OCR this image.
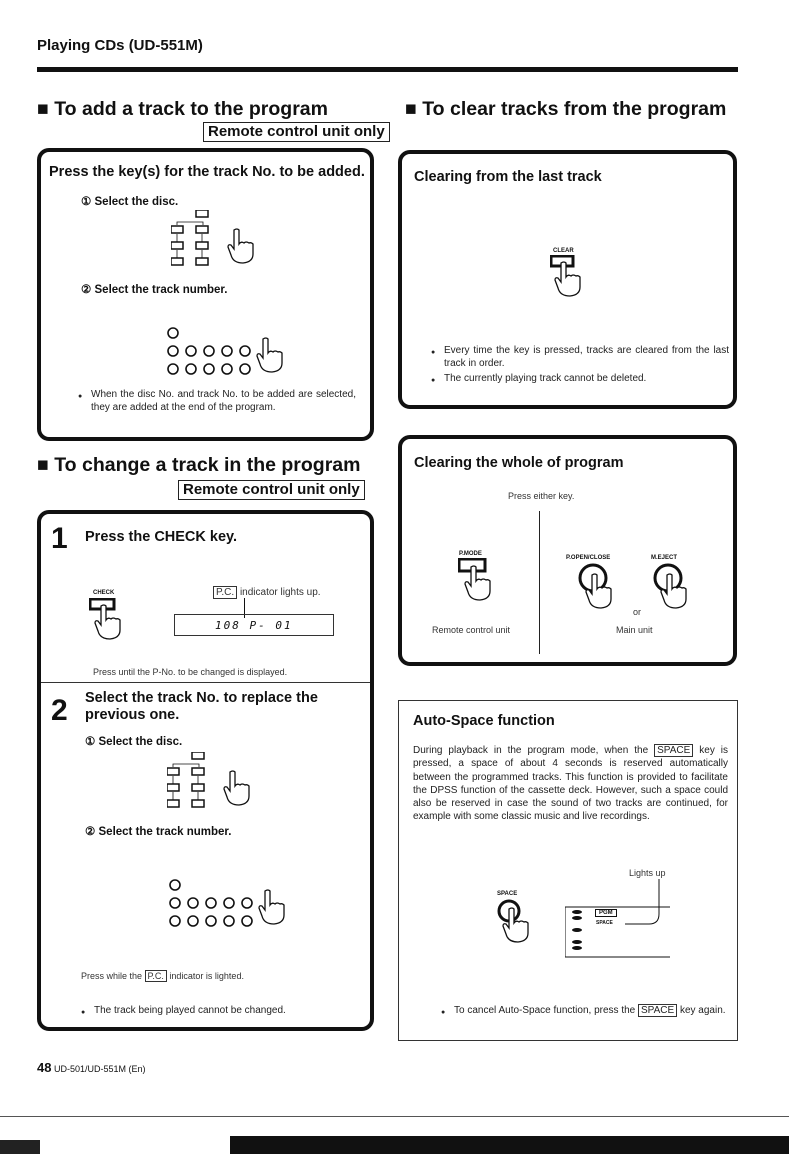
Playing CDs (UD-551M)
■ To add a track to the program
Remote control unit only
Press the key(s) for the track No. to be added.
① Select the disc.
② Select the track number.
● When the disc No. and track No. to be added are selected, they are added at the end of the program.
■ To change a track in the program
Remote control unit only
1 Press the CHECK key.
CHECK	P.C. indicator lights up.
108 P- 01
Press until the P-No. to be changed is displayed.
2 Select the track No. to replace the previous one.
① Select the disc.
② Select the track number.
Press while the P.C. indicator is lighted.
● The track being played cannot be changed.
■ To clear tracks from the program
Clearing from the last track
CLEAR
● Every time the key is pressed, tracks are cleared from the last track in order.
● The currently playing track cannot be deleted.
Clearing the whole of program
Press either key.
P.MODE
Remote control unit
P.OPEN/CLOSE	M.EJECT
or
Main unit
Auto-Space function
During playback in the program mode, when the SPACE key is pressed, a space of about 4 seconds is reserved automatically between the programmed tracks. This function is provided to facilitate the DPSS function of the cassette deck. However, such a space could also be reserved in case the sound of two tracks are continued, for example with some classic music and live recordings.
Lights up
SPACE
PGM
SPACE
● To cancel Auto-Space function, press the SPACE key again.
48 UD-501/UD-551M (En)
